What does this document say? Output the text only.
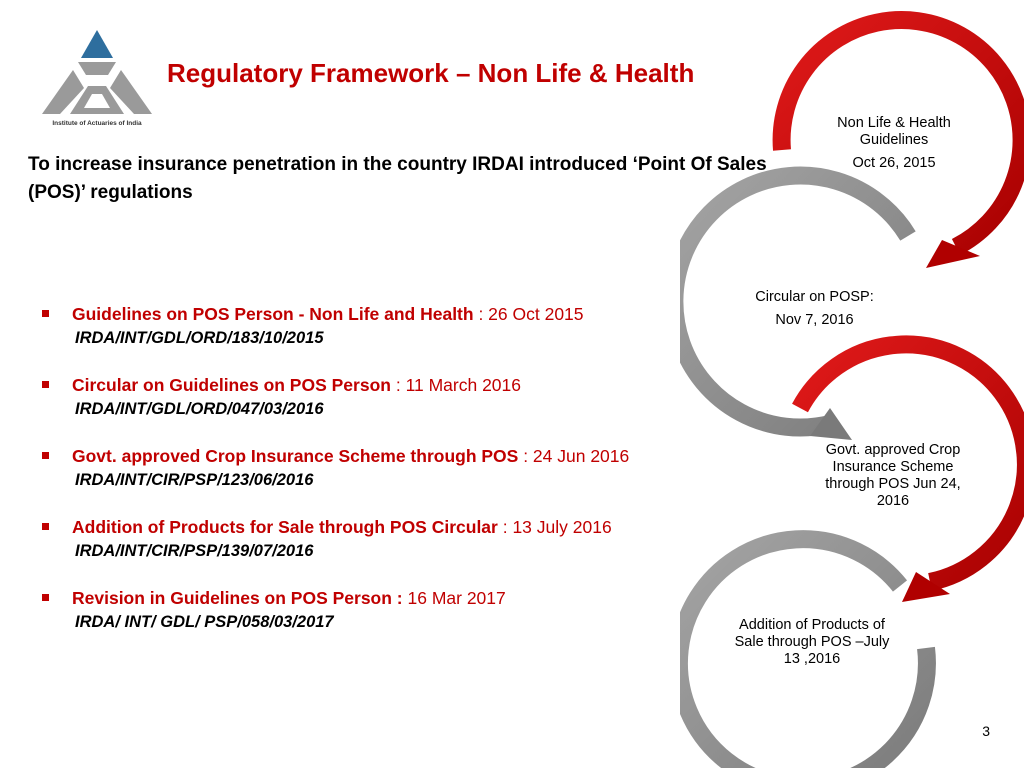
Institute of Actuaries of India
Regulatory Framework – Non Life & Health

To increase insurance penetration in the country IRDAI introduced ‘Point Of Sales (POS)’ regulations

Guidelines on POS Person - Non Life and Health : 26 Oct 2015
IRDA/INT/GDL/ORD/183/10/2015
Circular on Guidelines on POS Person : 11 March 2016
IRDA/INT/GDL/ORD/047/03/2016
Govt. approved Crop Insurance Scheme through POS : 24 Jun 2016
IRDA/INT/CIR/PSP/123/06/2016
Addition of Products for Sale through POS Circular : 13 July 2016
IRDA/INT/CIR/PSP/139/07/2016
Revision in Guidelines on POS Person : 16 Mar 2017
IRDA/ INT/ GDL/ PSP/058/03/2017
Non Life & Health Guidelines
Oct 26, 2015
Circular on POSP:
Nov 7, 2016
Govt. approved Crop Insurance Scheme through POS Jun 24, 2016
Addition of Products of Sale through POS –July 13 ,2016
3
